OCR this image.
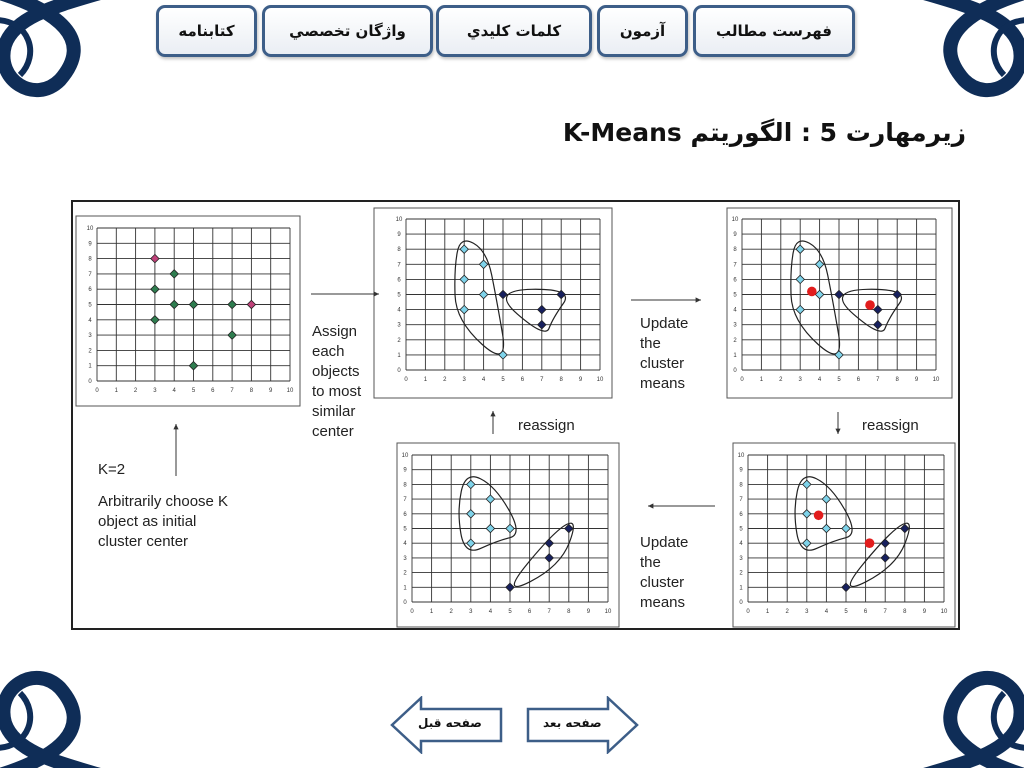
فهرست مطالب
آزمون
كلمات كليدي
واژگان تخصصي
كتابنامه
زیرمهارت 5 : الگوریتم K-Means
0
0
1
1
2
2
3
3
4
4
5
5
6
6
7
7
8
8
9
9
10
10
0
0
1
1
2
2
3
3
4
4
5
5
6
6
7
7
8
8
9
9
10
10
0
0
1
1
2
2
3
3
4
4
5
5
6
6
7
7
8
8
9
9
10
10
0
0
1
1
2
2
3
3
4
4
5
5
6
6
7
7
8
8
9
9
10
10
0
0
1
1
2
2
3
3
4
4
5
5
6
6
7
7
8
8
9
9
10
10
Assign
each
objects
to most
similar
center
Update
the
cluster
means
reassign	reassign
K=2
Arbitrarily choose K
object as initial
cluster center	Update
the
cluster
means
صفحه بعد
صفحه قبل
